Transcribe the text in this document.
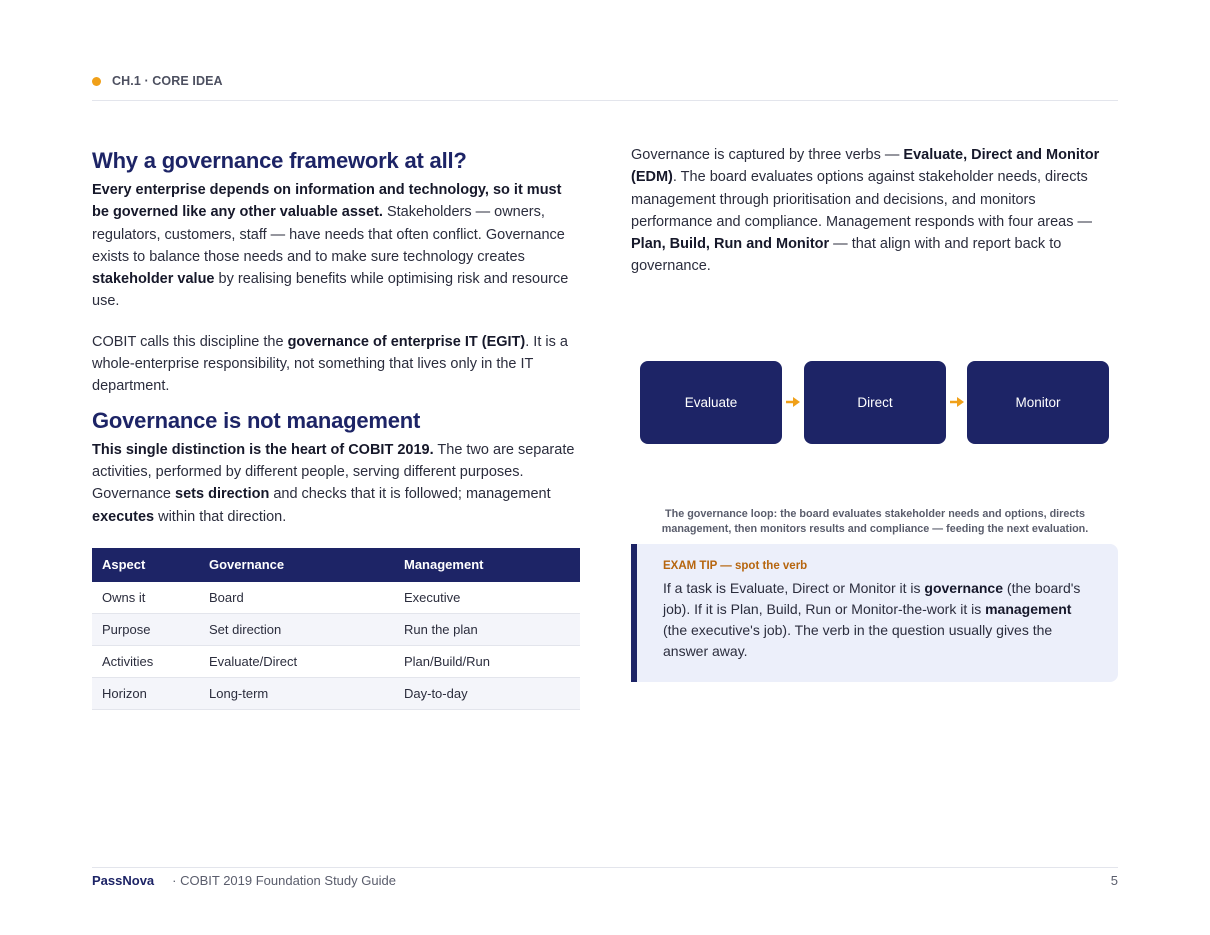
CH.1 · CORE IDEA
Why a governance framework at all?

Every enterprise depends on information and technology, so it must be governed like any other valuable asset. Stakeholders — owners, regulators, customers, staff — have needs that often conflict. Governance exists to balance those needs and to make sure technology creates stakeholder value by realising benefits while optimising risk and resource use.

COBIT calls this discipline the governance of enterprise IT (EGIT). It is a whole-enterprise responsibility, not something that lives only in the IT department.

Governance is not management

This single distinction is the heart of COBIT 2019. The two are separate activities, performed by different people, serving different purposes. Governance sets direction and checks that it is followed; management executes within that direction.

Aspect	Governance	Management
Owns it	Board	Executive
Purpose	Set direction	Run the plan
Activities	Evaluate/Direct	Plan/Build/Run
Horizon	Long-term	Day-to-day

Governance is captured by three verbs — Evaluate, Direct and Monitor (EDM). The board evaluates options against stakeholder needs, directs management through prioritisation and decisions, and monitors performance and compliance. Management responds with four areas — Plan, Build, Run and Monitor — that align with and report back to governance.

Evaluate	Direct	Monitor
The governance loop: the board evaluates stakeholder needs and options, directs management, then monitors results and compliance — feeding the next evaluation.
EXAM TIP — spot the verb
If a task is Evaluate, Direct or Monitor it is governance (the board's job). If it is Plan, Build, Run or Monitor-the-work it is management (the executive's job). The verb in the question usually gives the answer away.
PassNova · COBIT 2019 Foundation Study Guide	5
